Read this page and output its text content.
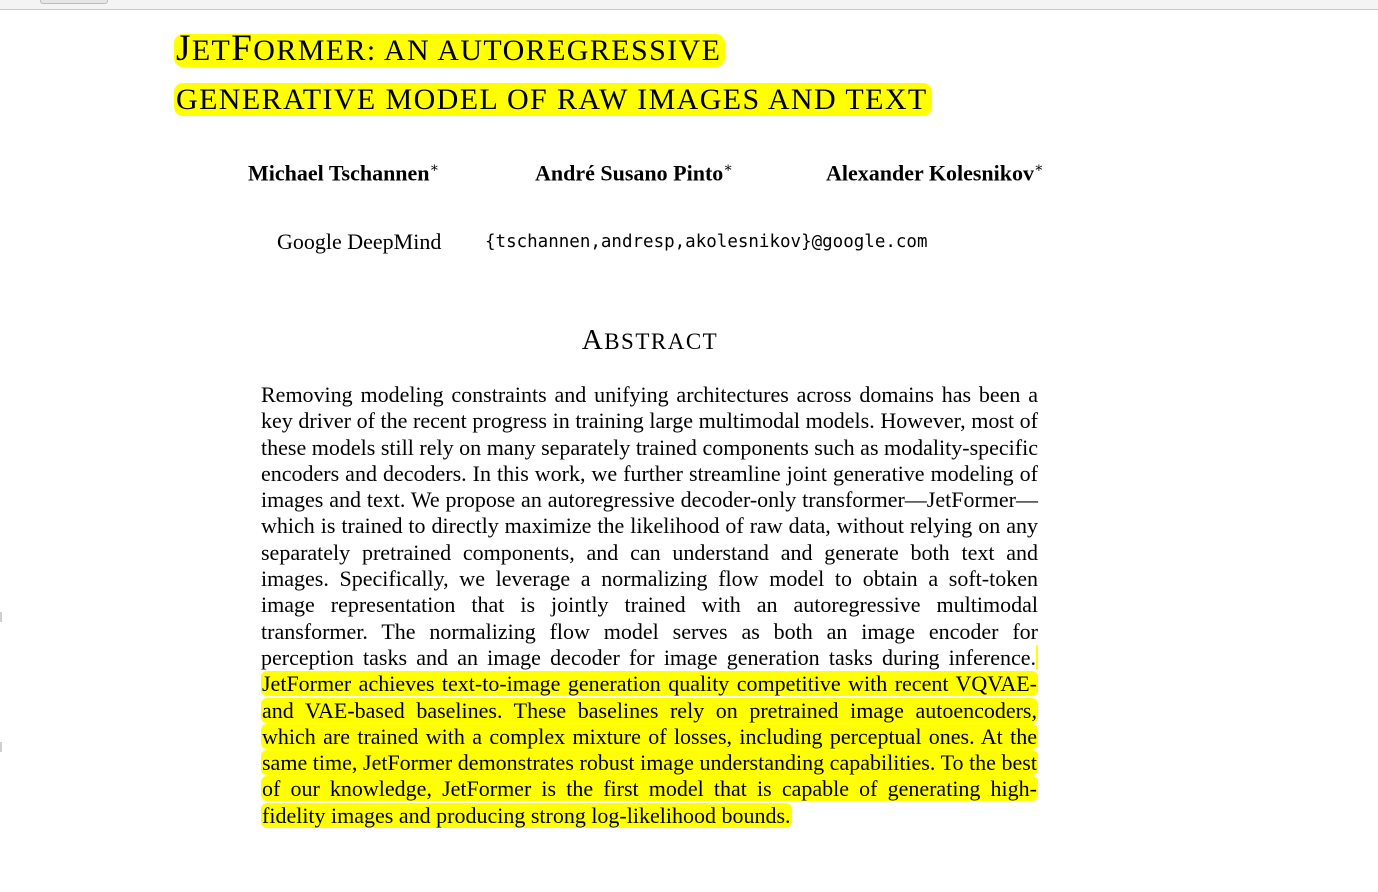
JETFORMER: AN AUTOREGRESSIVE
GENERATIVE MODEL OF RAW IMAGES AND TEXT
Michael Tschannen∗	André Susano Pinto∗	Alexander Kolesnikov∗
Google DeepMind {tschannen,andresp,akolesnikov}@google.com
ABSTRACT

Removing modeling constraints and unifying architectures across domains has been a key driver of the recent progress in training large multimodal models. However, most of these models still rely on many separately trained components such as modality-specific encoders and decoders. In this work, we further streamline joint generative modeling of images and text. We propose an autoregressive decoder-only transformer—JetFormer—which is trained to directly maximize the likelihood of raw data, without relying on any separately pretrained components, and can understand and generate both text and images. Specifically, we leverage a normalizing flow model to obtain a soft-token image representation that is jointly trained with an autoregressive multimodal transformer. The normalizing flow model serves as both an image encoder for perception tasks and an image decoder for image generation tasks during inference. JetFormer achieves text-to-image generation quality competitive with recent VQVAE- and VAE-based baselines. These baselines rely on pretrained image autoencoders, which are trained with a complex mixture of losses, including perceptual ones. At the same time, JetFormer demonstrates robust image understanding capabilities. To the best of our knowledge, JetFormer is the first model that is capable of generating high-fidelity images and producing strong log-likelihood bounds.
